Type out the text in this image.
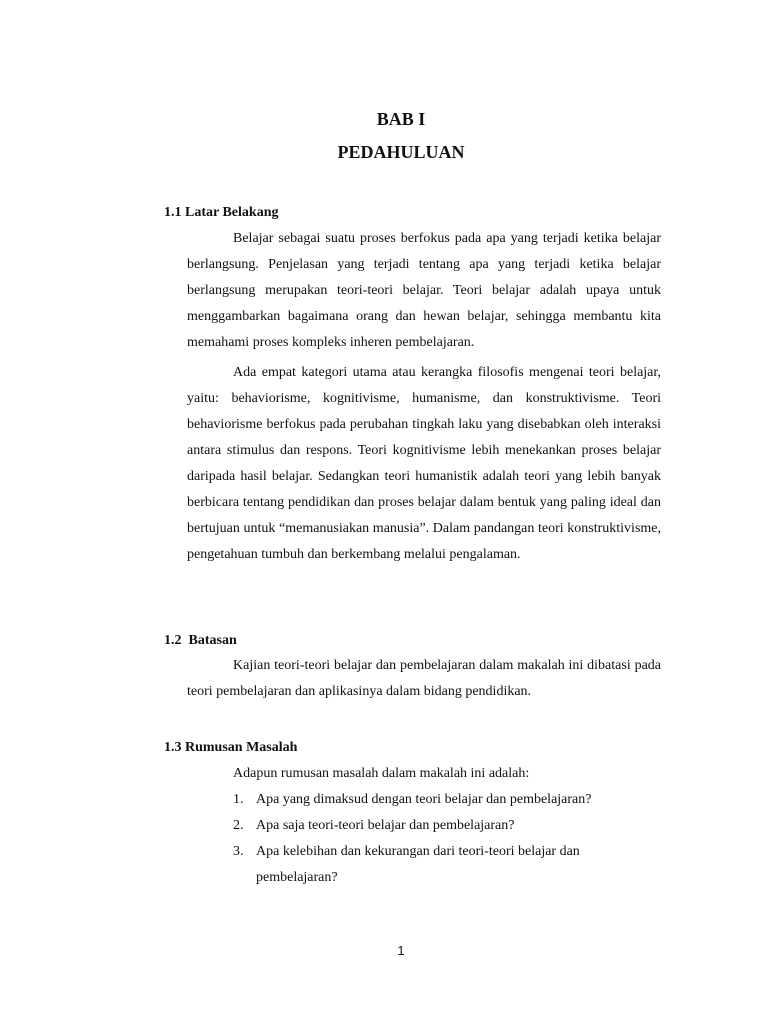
BAB I
PEDAHULUAN
1.1 Latar Belakang

Belajar sebagai suatu proses berfokus pada apa yang terjadi ketika belajar berlangsung. Penjelasan yang terjadi tentang apa yang terjadi ketika belajar berlangsung merupakan teori-teori belajar. Teori belajar adalah upaya untuk menggambarkan bagaimana orang dan hewan belajar, sehingga membantu kita memahami proses kompleks inheren pembelajaran.

Ada empat kategori utama atau kerangka filosofis mengenai teori belajar, yaitu: behaviorisme, kognitivisme, humanisme, dan konstruktivisme. Teori behaviorisme berfokus pada perubahan tingkah laku yang disebabkan oleh interaksi antara stimulus dan respons. Teori kognitivisme lebih menekankan proses belajar daripada hasil belajar. Sedangkan teori humanistik adalah teori yang lebih banyak berbicara tentang pendidikan dan proses belajar dalam bentuk yang paling ideal dan bertujuan untuk “memanusiakan manusia”. Dalam pandangan teori konstruktivisme, pengetahuan tumbuh dan berkembang melalui pengalaman.

1.2  Batasan

Kajian teori-teori belajar dan pembelajaran dalam makalah ini dibatasi pada teori pembelajaran dan aplikasinya dalam bidang pendidikan.

1.3 Rumusan Masalah
Adapun rumusan masalah dalam makalah ini adalah:
1. Apa yang dimaksud dengan teori belajar dan pembelajaran?
2. Apa saja teori-teori belajar dan pembelajaran?
3. Apa kelebihan dan kekurangan dari teori-teori belajar dan pembelajaran?
1
